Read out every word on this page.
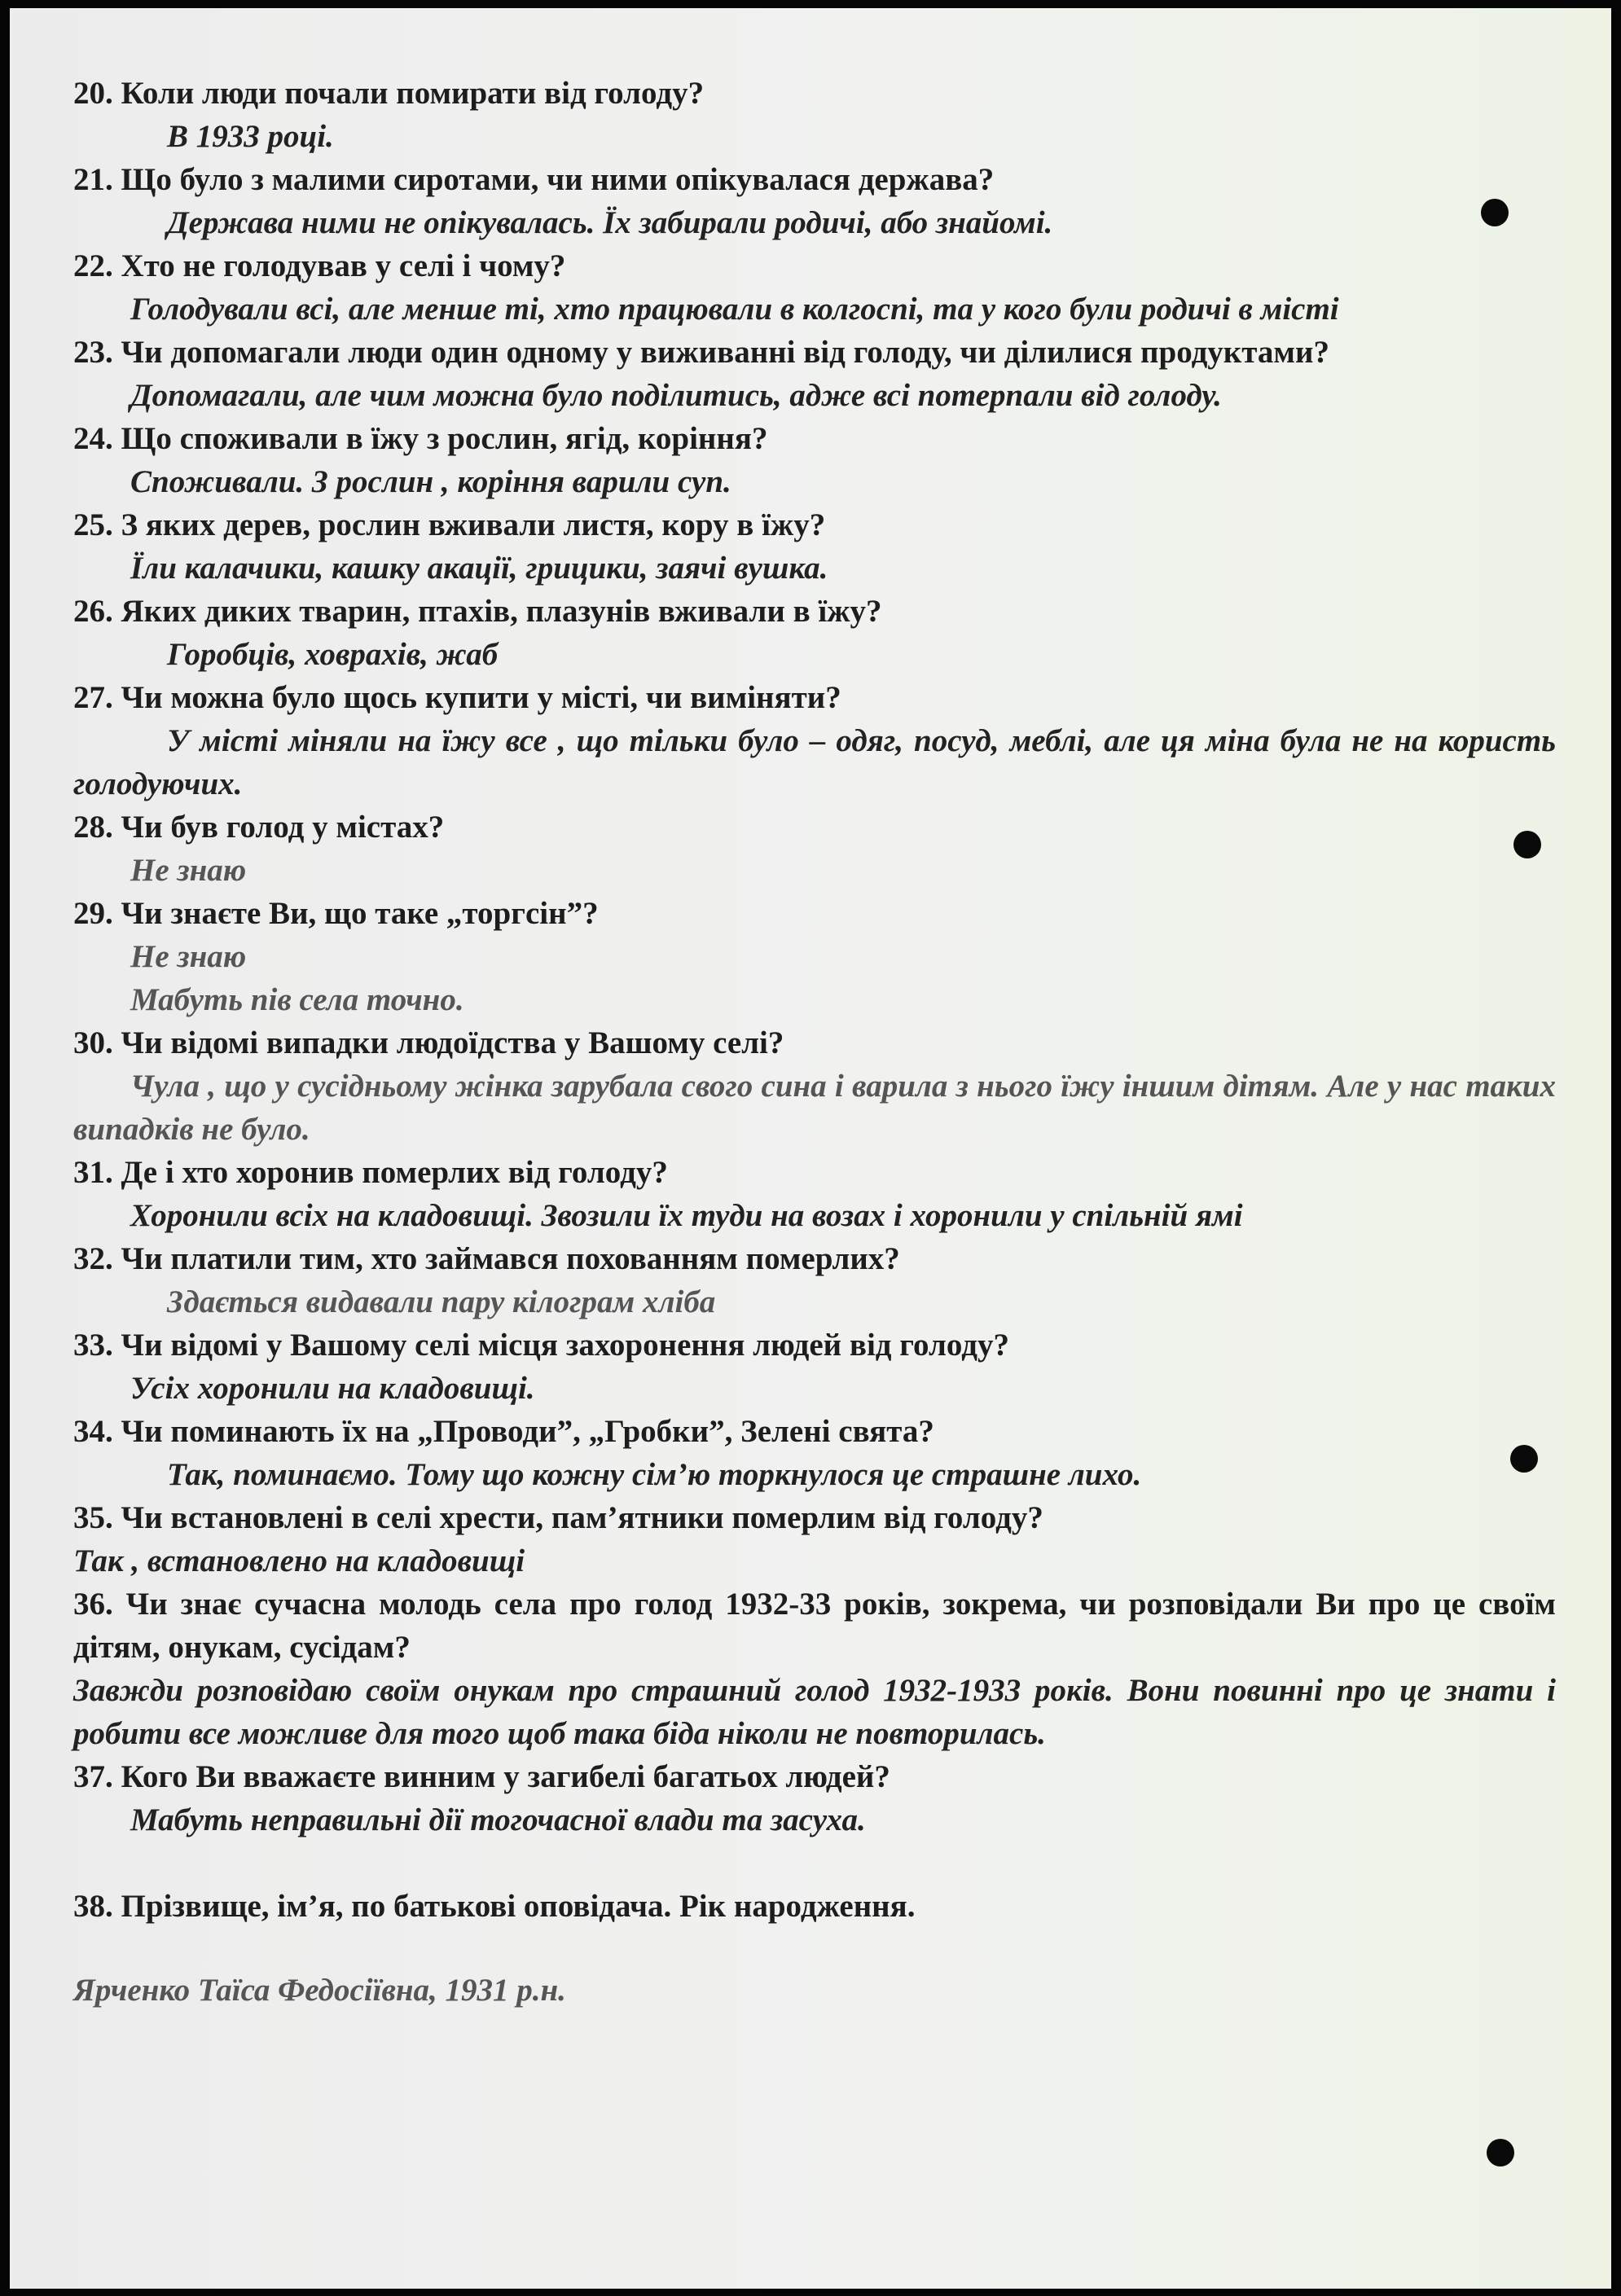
20. Коли люди почали помирати від голоду?
В 1933 році.
21. Що було з малими сиротами, чи ними опікувалася держава?
Держава ними не опікувалась. Їх забирали родичі, або знайомі.
22. Хто не голодував у селі і чому?
Голодували всі, але менше ті, хто працювали в колгоспі, та у кого були родичі в місті
23. Чи допомагали люди один одному у виживанні від голоду, чи ділилися продуктами?
Допомагали, але чим можна було поділитись, адже всі потерпали від голоду.
24. Що споживали в їжу з рослин, ягід, коріння?
Споживали. З рослин , коріння варили суп.
25. З яких дерев, рослин вживали листя, кору в їжу?
Їли калачики, кашку акації, грицики, заячі вушка.
26. Яких диких тварин, птахів, плазунів вживали в їжу?
Горобців, ховрахів, жаб
27. Чи можна було щось купити у місті, чи виміняти?
У місті міняли на їжу все , що тільки було – одяг, посуд, меблі, але ця міна була не на користь голодуючих.
28. Чи був голод у містах?
Не знаю
29. Чи знаєте Ви, що таке „торгсін”?
Не знаю
Мабуть пів села точно.
30. Чи відомі випадки людоїдства у Вашому селі?
Чула , що у сусідньому жінка зарубала свого сина і варила з нього їжу іншим дітям. Але у нас таких випадків не було.
31. Де і хто хоронив померлих від голоду?
Хоронили всіх на кладовищі. Звозили їх туди на возах і хоронили у спільній ямі
32. Чи платили тим, хто займався похованням померлих?
Здається видавали пару кілограм хліба
33. Чи відомі у Вашому селі місця захоронення людей від голоду?
Усіх хоронили на кладовищі.
34. Чи поминають їх на „Проводи”, „Гробки”, Зелені свята?
Так, поминаємо. Тому що кожну сім’ю торкнулося це страшне лихо.
35. Чи встановлені в селі хрести, пам’ятники померлим від голоду?
Так , встановлено на кладовищі
36. Чи знає сучасна молодь села про голод 1932-33 років, зокрема, чи розповідали Ви про це своїм дітям, онукам, сусідам?
Завжди розповідаю своїм онукам про страшний голод 1932-1933 років. Вони повинні про це знати і робити все можливе для того щоб така біда ніколи не повторилась.
37. Кого Ви вважаєте винним у загибелі багатьох людей?
Мабуть неправильні дії тогочасної влади та засуха.
38. Прізвище, ім’я, по батькові оповідача. Рік народження.
Ярченко Таїса Федосіївна, 1931 р.н.
